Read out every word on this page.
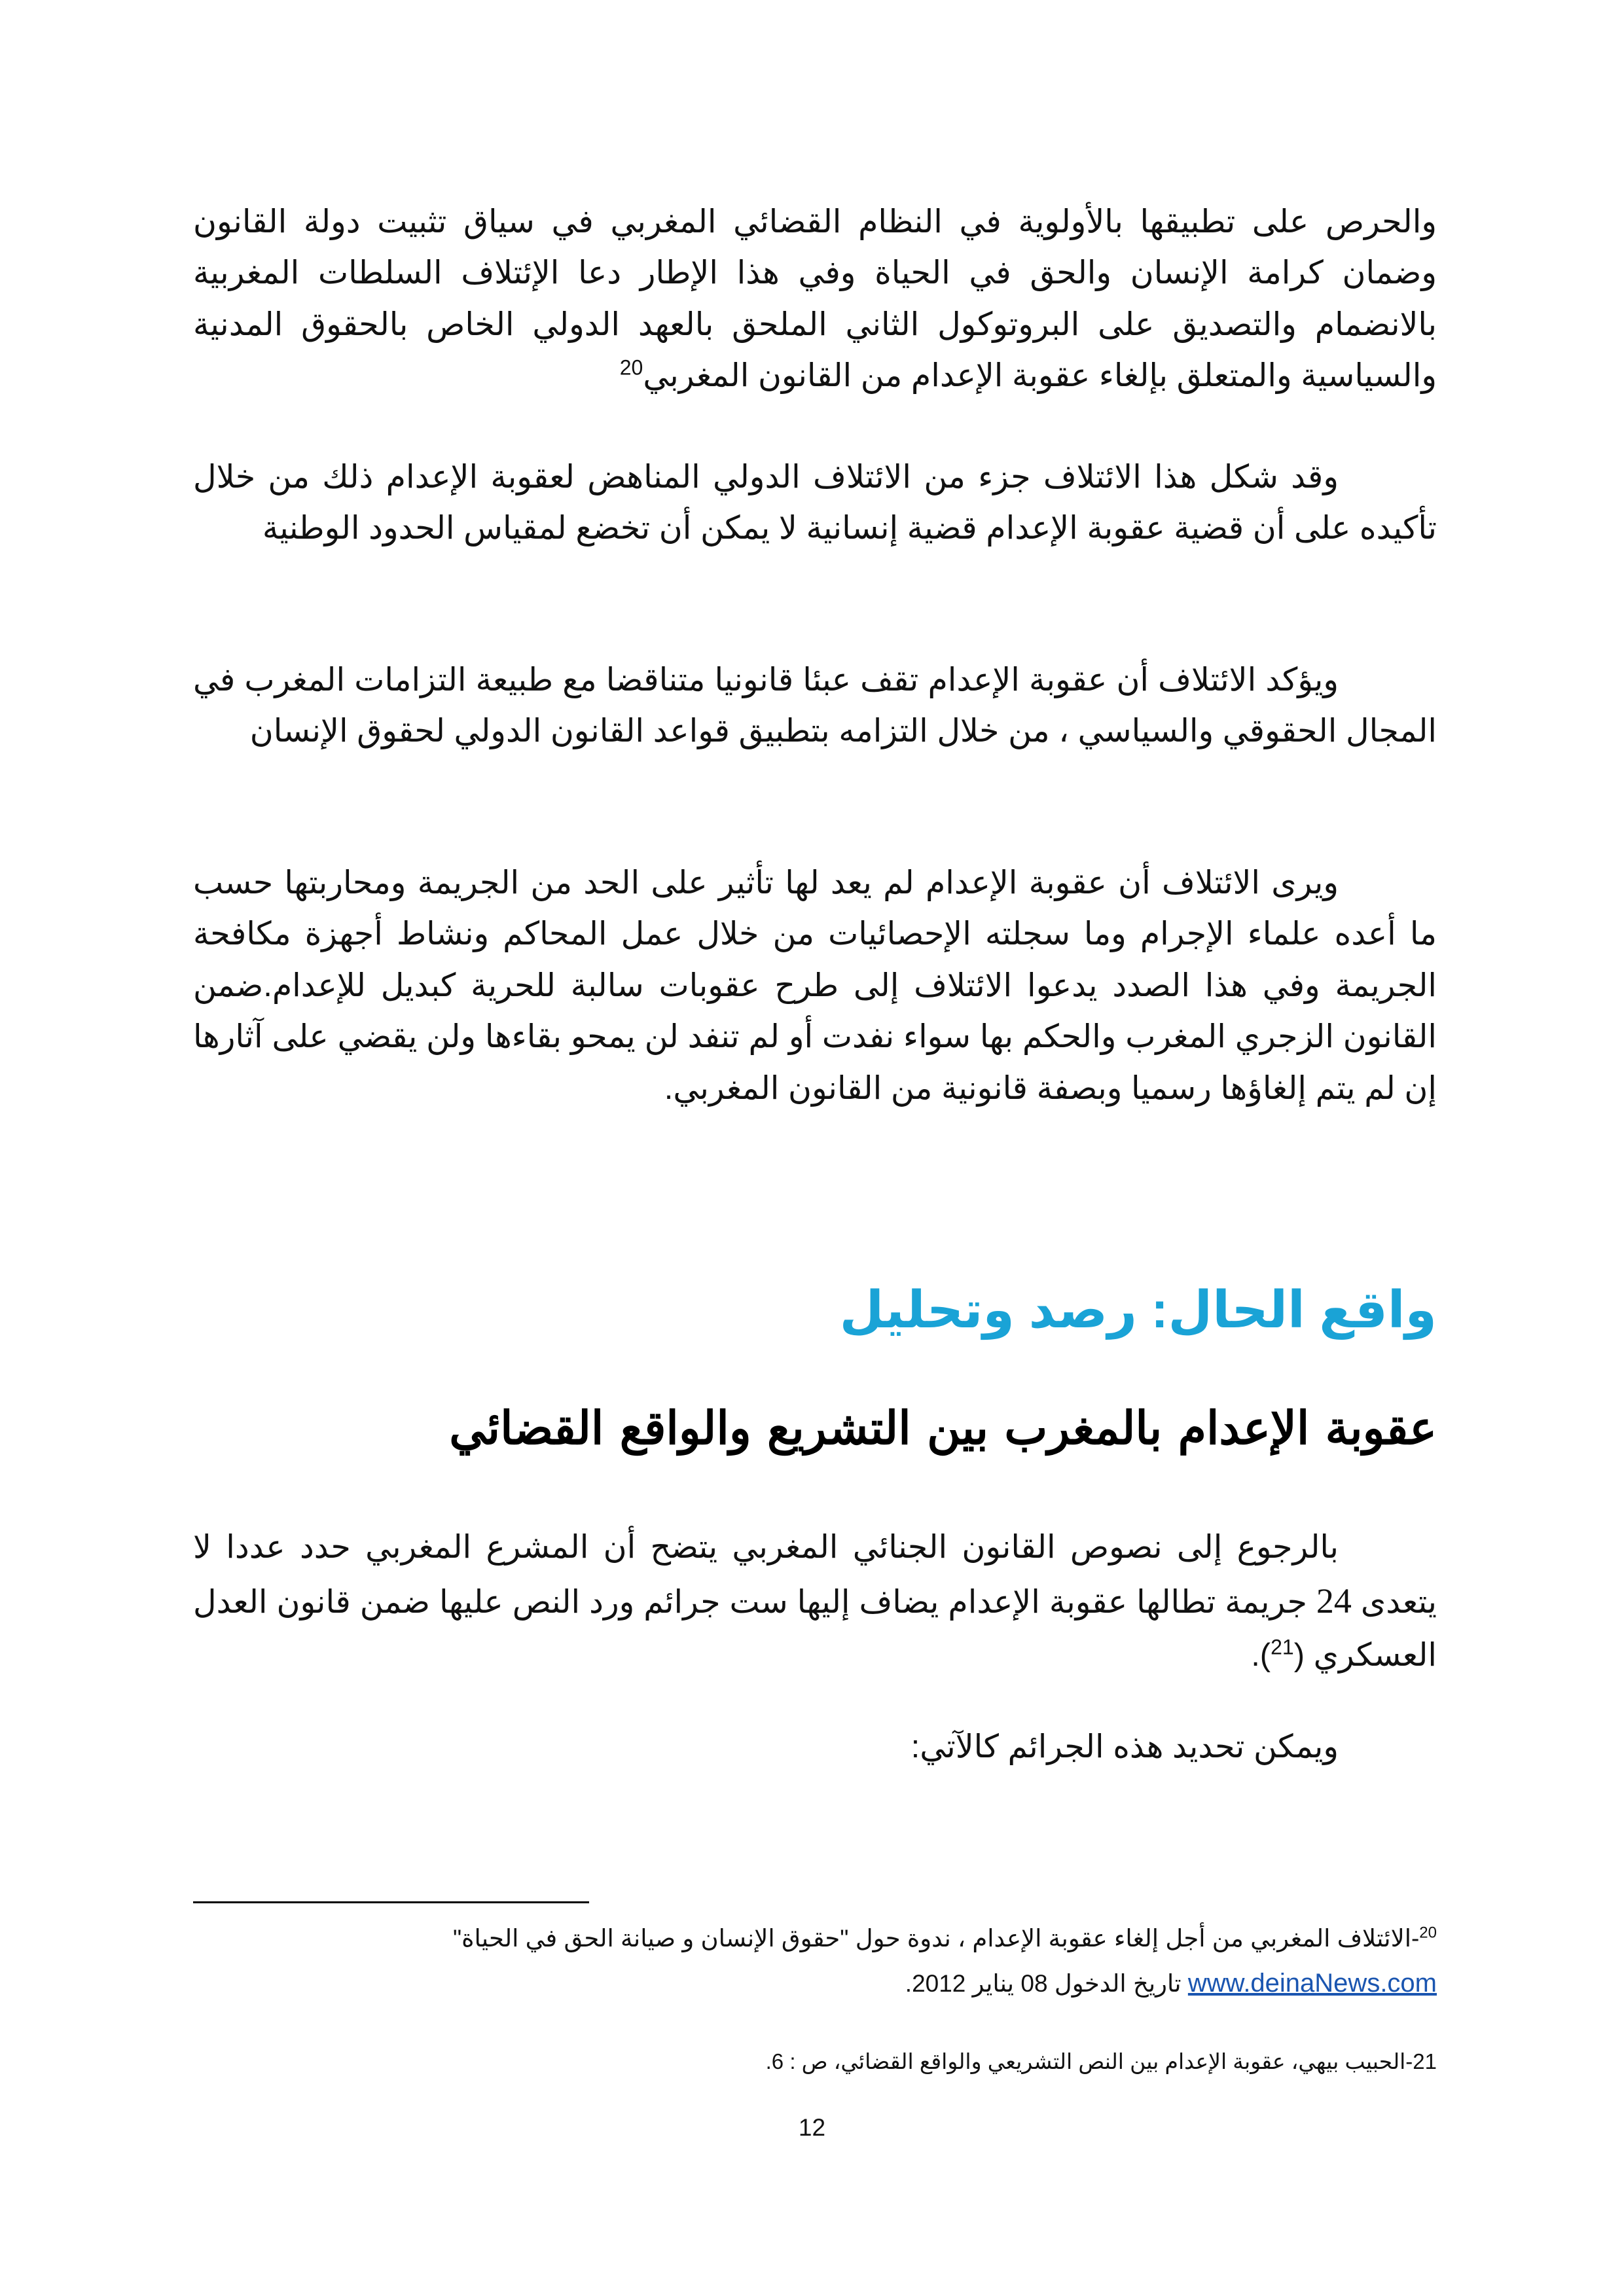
والحرص على تطبيقها بالأولوية في النظام القضائي المغربي في سياق تثبيت دولة القانون وضمان كرامة الإنسان والحق في الحياة وفي هذا الإطار دعا الإئتلاف السلطات المغربية بالانضمام والتصديق على البروتوكول الثاني الملحق بالعهد الدولي الخاص بالحقوق المدنية والسياسية والمتعلق بإلغاء عقوبة الإعدام من القانون المغربي$^{20}$

وقد شكل هذا الائتلاف جزء من الائتلاف الدولي المناهض لعقوبة الإعدام ذلك من خلال تأكيده على أن قضية عقوبة الإعدام قضية إنسانية لا يمكن أن تخضع لمقياس الحدود الوطنية

ويؤكد الائتلاف أن عقوبة الإعدام تقف عبئا قانونيا متناقضا مع طبيعة التزامات المغرب في المجال الحقوقي والسياسي ، من خلال التزامه بتطبيق قواعد القانون الدولي لحقوق الإنسان

ويرى الائتلاف أن عقوبة الإعدام لم يعد لها تأثير على الحد من الجريمة ومحاربتها حسب ما أعده علماء الإجرام وما سجلته الإحصائيات من خلال عمل المحاكم ونشاط أجهزة مكافحة الجريمة وفي هذا الصدد يدعوا الائتلاف إلى طرح عقوبات سالبة للحرية كبديل للإعدام.ضمن القانون الزجري المغرب والحكم بها سواء نفدت أو لم تنفد لن يمحو بقاءها ولن يقضي على آثارها إن لم يتم إلغاؤها رسميا وبصفة قانونية من القانون المغربي.

واقع الحال: رصد وتحليل
عقوبة الإعدام بالمغرب بين التشريع والواقع القضائي

بالرجوع إلى نصوص القانون الجنائي المغربي يتضح أن المشرع المغربي حدد عددا لا يتعدى 24 جريمة تطالها عقوبة الإعدام يضاف إليها ست جرائم ورد النص عليها ضمن قانون العدل العسكري ($^{21}$).

ويمكن تحديد هذه الجرائم كالآتي:

$^{20}$-الائتلاف المغربي من أجل إلغاء عقوبة الإعدام ، ندوة حول "حقوق الإنسان و صيانة الحق في الحياة"
www.deinaNews.com تاريخ الدخول 08 يناير 2012.

21-الحبيب بيهي، عقوبة الإعدام بين النص التشريعي والواقع القضائي، ص : 6.

12
